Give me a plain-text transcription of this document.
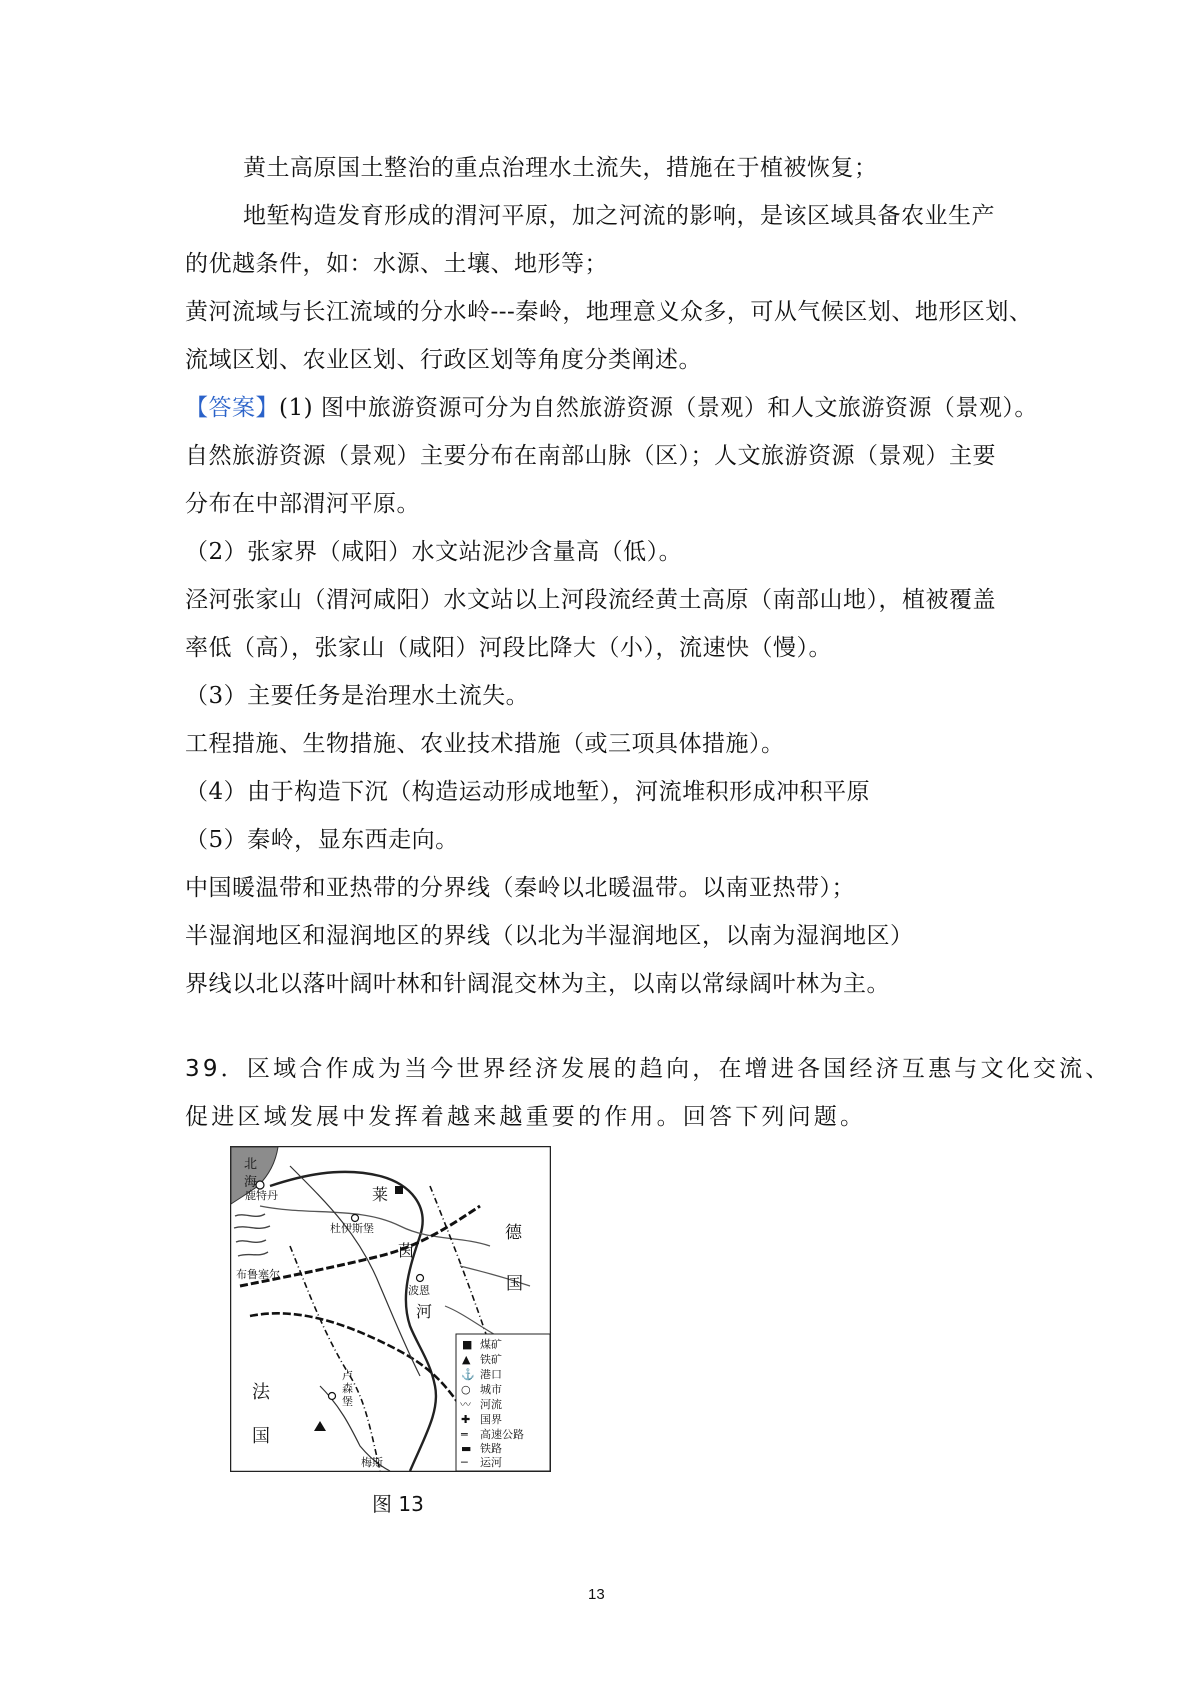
黄土高原国土整治的重点治理水土流失，措施在于植被恢复；
地堑构造发育形成的渭河平原，加之河流的影响，是该区域具备农业生产
的优越条件，如：水源、土壤、地形等；
黄河流域与长江流域的分水岭---秦岭，地理意义众多，可从气候区划、地形区划、
流域区划、农业区划、行政区划等角度分类阐述。
【答案】(1) 图中旅游资源可分为自然旅游资源（景观）和人文旅游资源（景观）。
自然旅游资源（景观）主要分布在南部山脉（区）；人文旅游资源（景观）主要
分布在中部渭河平原。
（2）张家界（咸阳）水文站泥沙含量高（低）。
泾河张家山（渭河咸阳）水文站以上河段流经黄土高原（南部山地），植被覆盖
率低（高），张家山（咸阳）河段比降大（小），流速快（慢）。
（3）主要任务是治理水土流失。
工程措施、生物措施、农业技术措施（或三项具体措施）。
（4）由于构造下沉（构造运动形成地堑），河流堆积形成冲积平原
（5）秦岭，显东西走向。
中国暖温带和亚热带的分界线（秦岭以北暖温带。以南亚热带）；
半湿润地区和湿润地区的界线（以北为半湿润地区，以南为湿润地区）
界线以北以落叶阔叶林和针阔混交林为主，以南以常绿阔叶林为主。
39．区域合作成为当今世界经济发展的趋向，在增进各国经济互惠与文化交流、
促进区域发展中发挥着越来越重要的作用。回答下列问题。
北
海
鹿特丹	莱
茵
河
杜伊斯堡	德
国
布鲁塞尔
波恩
法
国
卢
森
堡
梅斯
■ 煤矿
▲ 铁矿
⚓ 港口
○ 城市
〰 河流
✚ 国界
═ 高速公路
▬ 铁路
─ 运河
图 13
13
